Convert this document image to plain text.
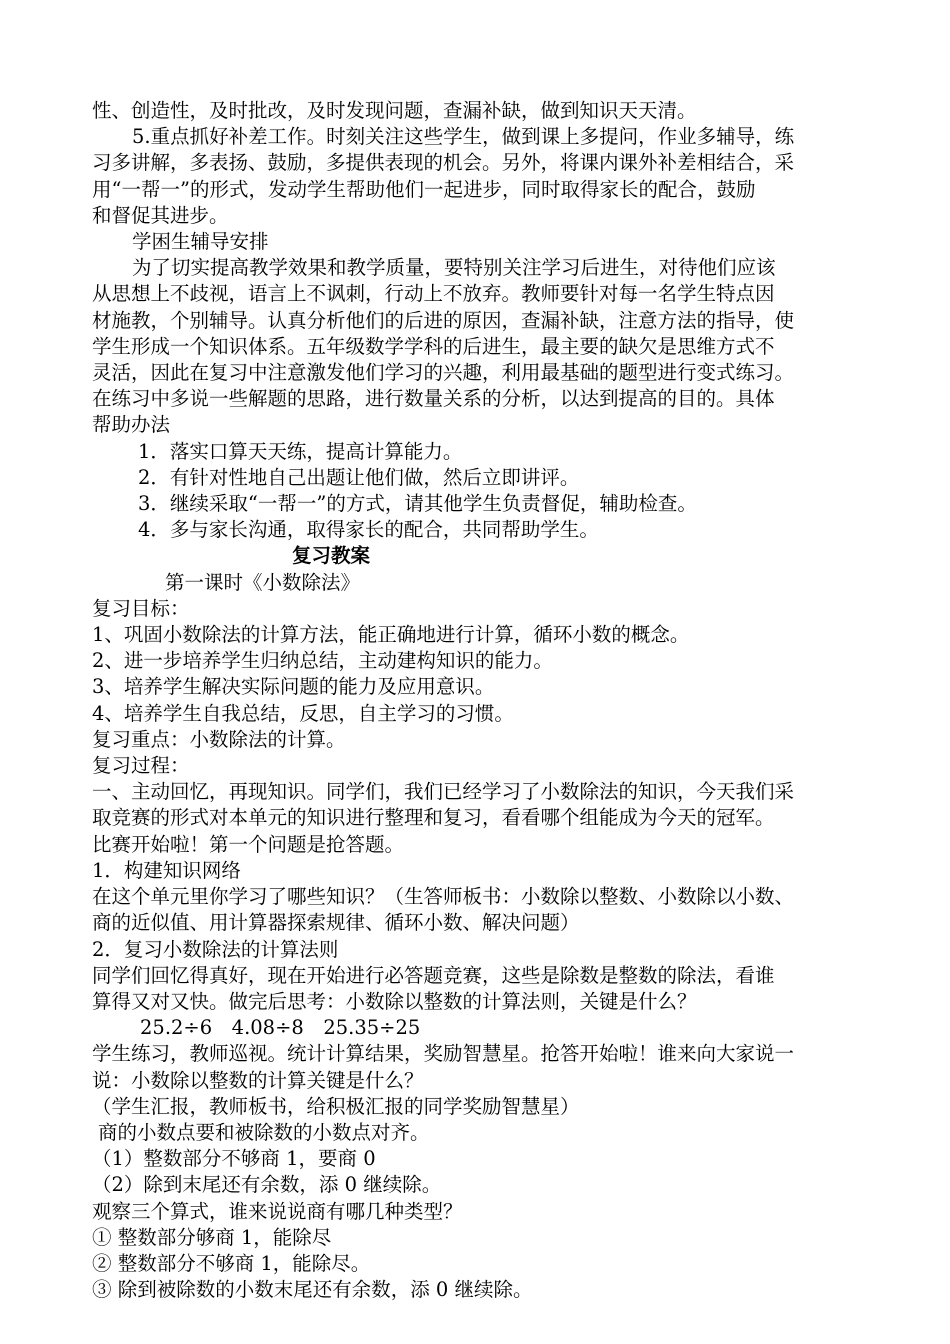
性、创造性，及时批改，及时发现问题，查漏补缺，做到知识天天清。
5.重点抓好补差工作。时刻关注这些学生，做到课上多提问，作业多辅导，练
习多讲解，多表扬、鼓励，多提供表现的机会。另外，将课内课外补差相结合，采
用“一帮一”的形式，发动学生帮助他们一起进步，同时取得家长的配合，鼓励
和督促其进步。
学困生辅导安排
为了切实提高教学效果和教学质量，要特别关注学习后进生，对待他们应该
从思想上不歧视，语言上不讽刺，行动上不放弃。教师要针对每一名学生特点因
材施教，个别辅导。认真分析他们的后进的原因，查漏补缺，注意方法的指导，使
学生形成一个知识体系。五年级数学学科的后进生，最主要的缺欠是思维方式不
灵活，因此在复习中注意激发他们学习的兴趣，利用最基础的题型进行变式练习。
在练习中多说一些解题的思路，进行数量关系的分析，以达到提高的目的。具体
帮助办法
1．落实口算天天练，提高计算能力。
2．有针对性地自己出题让他们做，然后立即讲评。
3．继续采取“一帮一”的方式，请其他学生负责督促，辅助检查。
4．多与家长沟通，取得家长的配合，共同帮助学生。
复习教案
第一课时《小数除法》
复习目标：
1、巩固小数除法的计算方法，能正确地进行计算，循环小数的概念。
2、进一步培养学生归纳总结，主动建构知识的能力。
3、培养学生解决实际问题的能力及应用意识。
4、培养学生自我总结，反思，自主学习的习惯。
复习重点：小数除法的计算。
复习过程：
一、主动回忆，再现知识。同学们，我们已经学习了小数除法的知识，今天我们采
取竞赛的形式对本单元的知识进行整理和复习，看看哪个组能成为今天的冠军。
比赛开始啦！第一个问题是抢答题。
1．构建知识网络
在这个单元里你学习了哪些知识？（生答师板书：小数除以整数、小数除以小数、
商的近似值、用计算器探索规律、循环小数、解决问题）
2．复习小数除法的计算法则
同学们回忆得真好，现在开始进行必答题竞赛，这些是除数是整数的除法，看谁
算得又对又快。做完后思考：小数除以整数的计算法则，关键是什么？
25.2÷6　4.08÷8　25.35÷25
学生练习，教师巡视。统计计算结果，奖励智慧星。抢答开始啦！谁来向大家说一
说：小数除以整数的计算关键是什么？
（学生汇报，教师板书，给积极汇报的同学奖励智慧星）
商的小数点要和被除数的小数点对齐。
（1）整数部分不够商 1，要商 0
（2）除到末尾还有余数，添 0 继续除。
观察三个算式，谁来说说商有哪几种类型？
① 整数部分够商 1，能除尽
② 整数部分不够商 1，能除尽。
③ 除到被除数的小数末尾还有余数，添 0 继续除。
